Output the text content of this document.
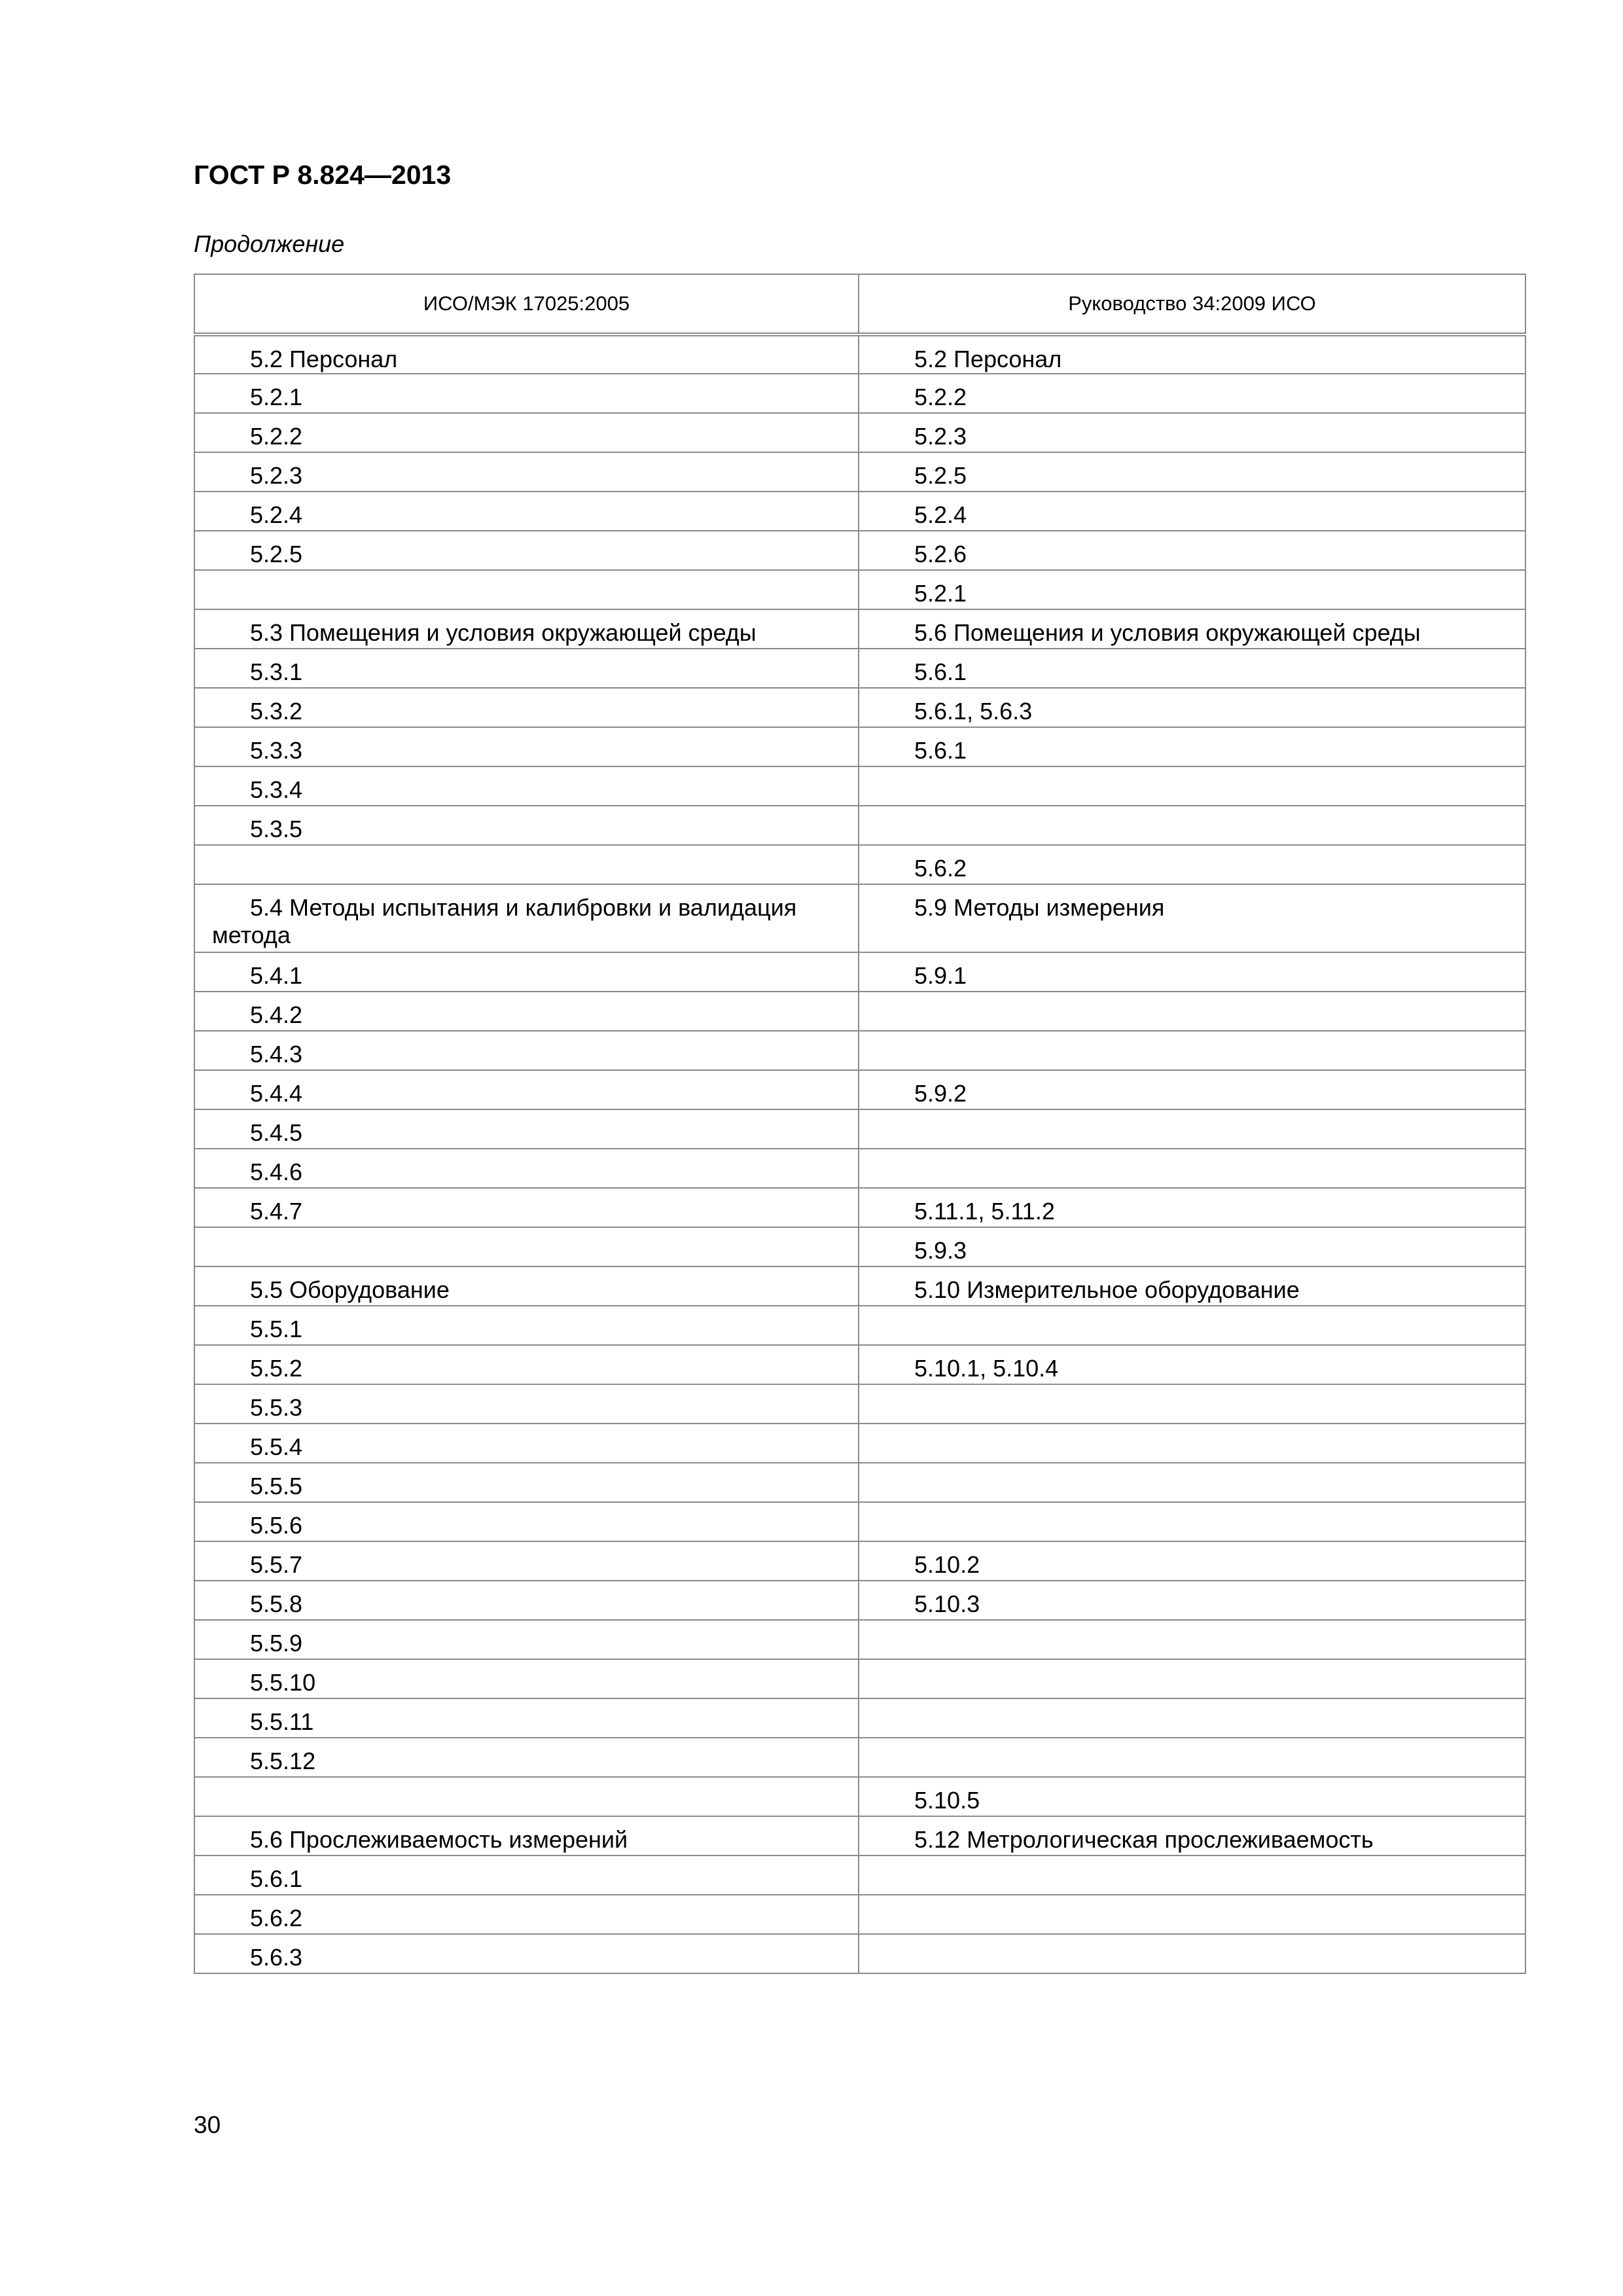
ГОСТ Р 8.824—2013
Продолжение
ИСО/МЭК 17025:2005	Руководство 34:2009 ИСО
5.2 Персонал	5.2 Персонал
5.2.1	5.2.2
5.2.2	5.2.3
5.2.3	5.2.5
5.2.4	5.2.4
5.2.5	5.2.6
	5.2.1
5.3 Помещения и условия окружающей среды	5.6 Помещения и условия окружающей среды
5.3.1	5.6.1
5.3.2	5.6.1, 5.6.3
5.3.3	5.6.1
5.3.4	
5.3.5	
	5.6.2
5.4 Методы испытания и калибровки и валидация метода	5.9 Методы измерения
5.4.1	5.9.1
5.4.2	
5.4.3	
5.4.4	5.9.2
5.4.5	
5.4.6	
5.4.7	5.11.1, 5.11.2
	5.9.3
5.5 Оборудование	5.10 Измерительное оборудование
5.5.1	
5.5.2	5.10.1, 5.10.4
5.5.3	
5.5.4	
5.5.5	
5.5.6	
5.5.7	5.10.2
5.5.8	5.10.3
5.5.9	
5.5.10	
5.5.11	
5.5.12	
	5.10.5
5.6 Прослеживаемость измерений	5.12 Метрологическая прослеживаемость
5.6.1	
5.6.2	
5.6.3	
30
